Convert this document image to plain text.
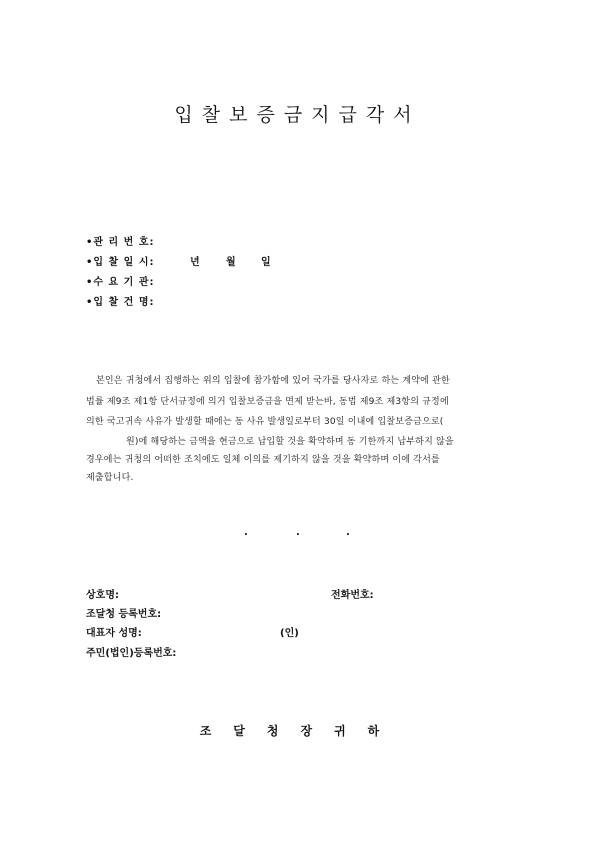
입찰보증금지급각서
•관 리 번 호:
•입 찰 일 시:	년	월	일
•수 요 기 관:
•입 찰 건 명:
본인은 귀청에서 집행하는 위의 입찰에 참가함에 있어 국가를 당사자로 하는 계약에 관한
법률 제9조 제1항 단서규정에 의거 입찰보증금을 면제 받는바, 동법 제9조 제3항의 규정에
의한 국고귀속 사유가 발생할 때에는 동 사유 발생일로부터 30일 이내에 입찰보증금으로(
원)에 해당하는 금액을 현금으로 납입할 것을 확약하며 동 기한까지 납부하지 않을
경우에는 귀청의 어떠한 조치에도 일체 이의를 제기하지 않을 것을 확약하며 이에 각서를
제출합니다.
.	.	.
상호명:	전화번호:
조달청 등록번호:
대표자 성명:	(인)
주민(법인)등록번호:
조달청장귀하
